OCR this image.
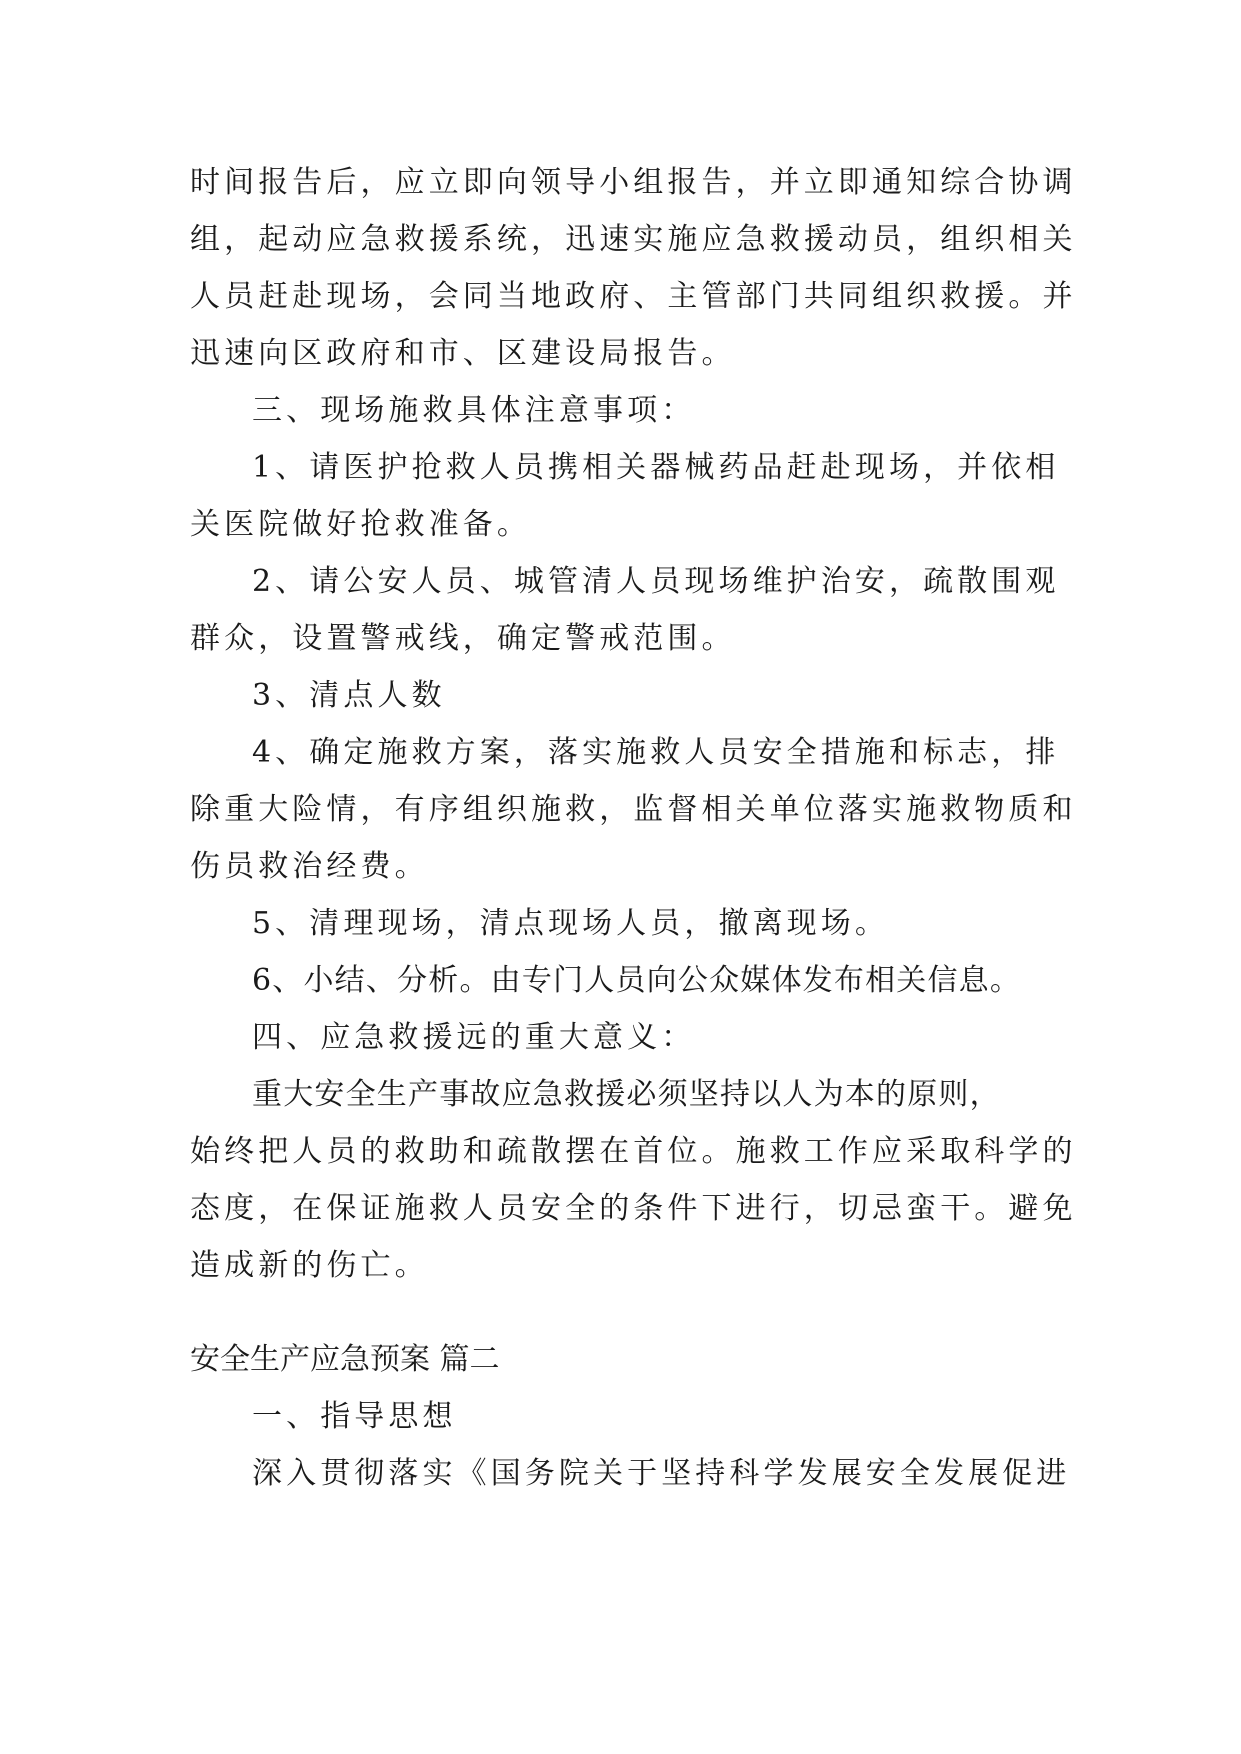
时间报告后，应立即向领导小组报告，并立即通知综合协调
组，起动应急救援系统，迅速实施应急救援动员，组织相关
人员赶赴现场，会同当地政府、主管部门共同组织救援。并
迅速向区政府和市、区建设局报告。
三、现场施救具体注意事项：
1、请医护抢救人员携相关器械药品赶赴现场，并依相
关医院做好抢救准备。
2、请公安人员、城管清人员现场维护治安，疏散围观
群众，设置警戒线，确定警戒范围。
3、清点人数
4、确定施救方案，落实施救人员安全措施和标志，排
除重大险情，有序组织施救，监督相关单位落实施救物质和
伤员救治经费。
5、清理现场，清点现场人员，撤离现场。
6、小结、分析。由专门人员向公众媒体发布相关信息。
四、应急救援远的重大意义：
重大安全生产事故应急救援必须坚持以人为本的原则，
始终把人员的救助和疏散摆在首位。施救工作应采取科学的
态度，在保证施救人员安全的条件下进行，切忌蛮干。避免
造成新的伤亡。
安全生产应急预案 篇二
一、指导思想
深入贯彻落实《国务院关于坚持科学发展安全发展促进
